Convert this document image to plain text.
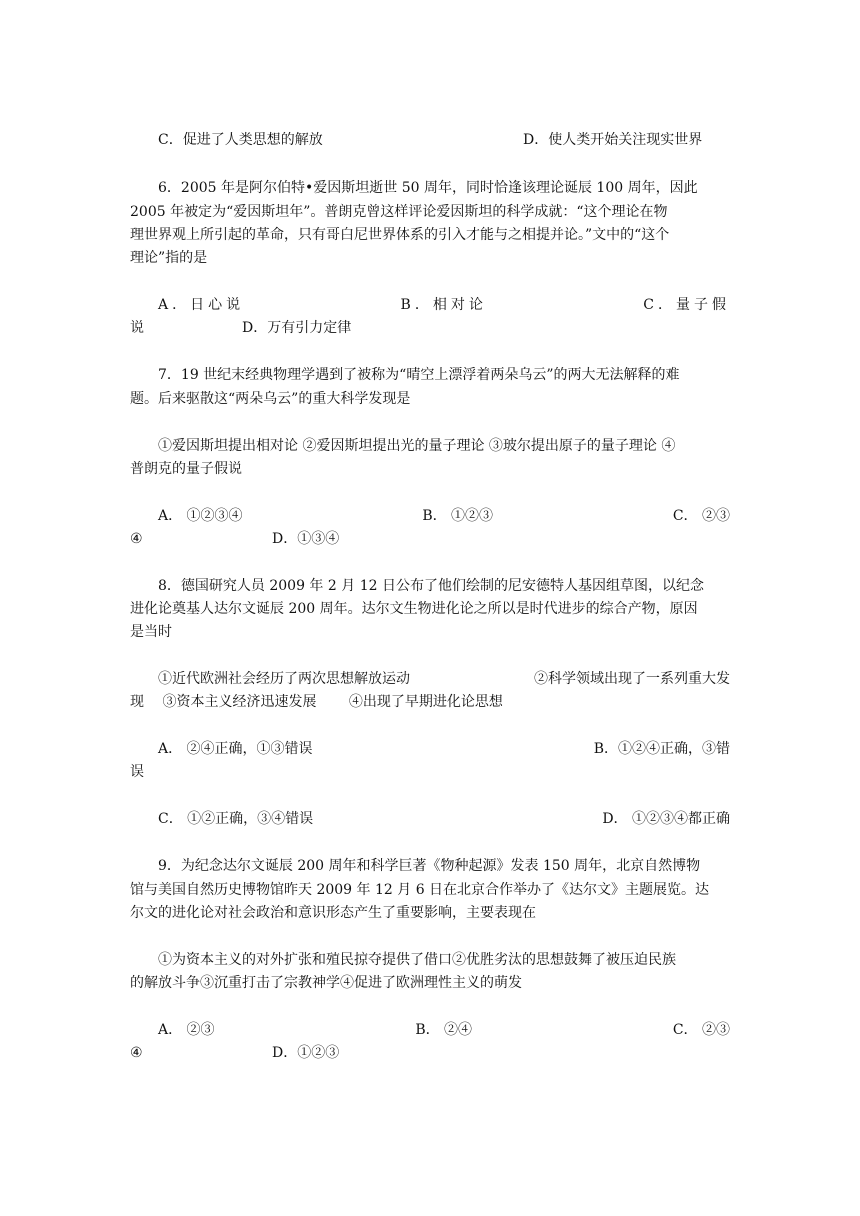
C．促进了人类思想的解放	D．使人类开始关注现实世界
6．2005 年是阿尔伯特•爱因斯坦逝世 50 周年，同时恰逢该理论诞辰 100 周年，因此
2005 年被定为“爱因斯坦年”。普朗克曾这样评论爱因斯坦的科学成就：“这个理论在物
理世界观上所引起的革命，只有哥白尼世界体系的引入才能与之相提并论。”文中的“这个
理论”指的是
A．日心说	B．相对论	C．量子假
说	D．万有引力定律
7．19 世纪末经典物理学遇到了被称为“晴空上漂浮着两朵乌云”的两大无法解释的难
题。后来驱散这“两朵乌云”的重大科学发现是
①爱因斯坦提出相对论 ②爱因斯坦提出光的量子理论 ③玻尔提出原子的量子理论 ④
普朗克的量子假说
A． ①②③④	B． ①②③	C． ②③
④	D．①③④
8．德国研究人员 2009 年 2 月 12 日公布了他们绘制的尼安德特人基因组草图，以纪念
进化论奠基人达尔文诞辰 200 周年。达尔文生物进化论之所以是时代进步的综合产物，原因
是当时
①近代欧洲社会经历了两次思想解放运动	②科学领域出现了一系列重大发
现　 ③资本主义经济迅速发展　　 ④出现了早期进化论思想
A． ②④正确，①③错误	B．①②④正确，③错
误
C． ①②正确，③④错误	D． ①②③④都正确
9．为纪念达尔文诞辰 200 周年和科学巨著《物种起源》发表 150 周年，北京自然博物
馆与美国自然历史博物馆昨天 2009 年 12 月 6 日在北京合作举办了《达尔文》主题展览。达
尔文的进化论对社会政治和意识形态产生了重要影响，主要表现在
①为资本主义的对外扩张和殖民掠夺提供了借口②优胜劣汰的思想鼓舞了被压迫民族
的解放斗争③沉重打击了宗教神学④促进了欧洲理性主义的萌发
A． ②③	B． ②④	C． ②③
④	D．①②③
